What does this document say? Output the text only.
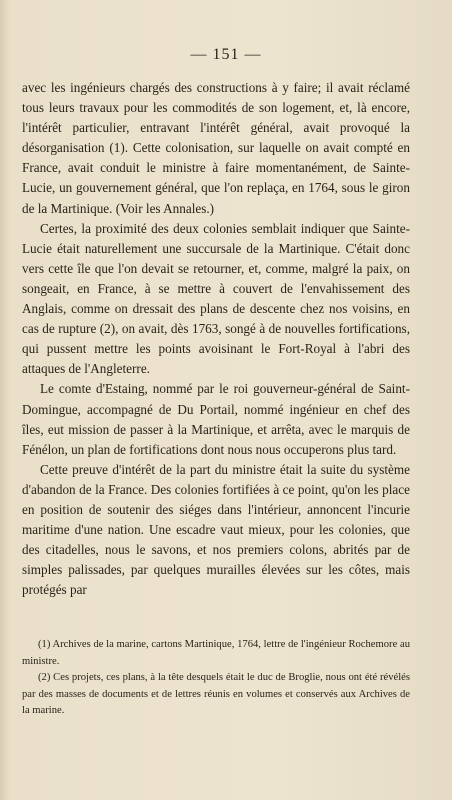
— 151 —

avec les ingénieurs chargés des constructions à y faire; il avait réclamé tous leurs travaux pour les commodités de son logement, et, là encore, l'intérêt particulier, entravant l'intérêt général, avait provoqué la désorganisation (1). Cette colonisation, sur laquelle on avait compté en France, avait conduit le ministre à faire momentanément, de Sainte-Lucie, un gouvernement général, que l'on replaça, en 1764, sous le giron de la Martinique. (Voir les Annales.)

Certes, la proximité des deux colonies semblait indiquer que Sainte-Lucie était naturellement une succursale de la Martinique. C'était donc vers cette île que l'on devait se retourner, et, comme, malgré la paix, on songeait, en France, à se mettre à couvert de l'envahissement des Anglais, comme on dressait des plans de descente chez nos voisins, en cas de rupture (2), on avait, dès 1763, songé à de nouvelles fortifications, qui pussent mettre les points avoisinant le Fort-Royal à l'abri des attaques de l'Angleterre.

Le comte d'Estaing, nommé par le roi gouverneur-général de Saint-Domingue, accompagné de Du Portail, nommé ingénieur en chef des îles, eut mission de passer à la Martinique, et arrêta, avec le marquis de Fénélon, un plan de fortifications dont nous nous occuperons plus tard.

Cette preuve d'intérêt de la part du ministre était la suite du système d'abandon de la France. Des colonies fortifiées à ce point, qu'on les place en position de soutenir des siéges dans l'intérieur, annoncent l'incurie maritime d'une nation. Une escadre vaut mieux, pour les colonies, que des citadelles, nous le savons, et nos premiers colons, abrités par de simples palissades, par quelques murailles élevées sur les côtes, mais protégés par

(1) Archives de la marine, cartons Martinique, 1764, lettre de l'ingénieur Rochemore au ministre.

(2) Ces projets, ces plans, à la tête desquels était le duc de Broglie, nous ont été révélés par des masses de documents et de lettres réunis en volumes et conservés aux Archives de la marine.
